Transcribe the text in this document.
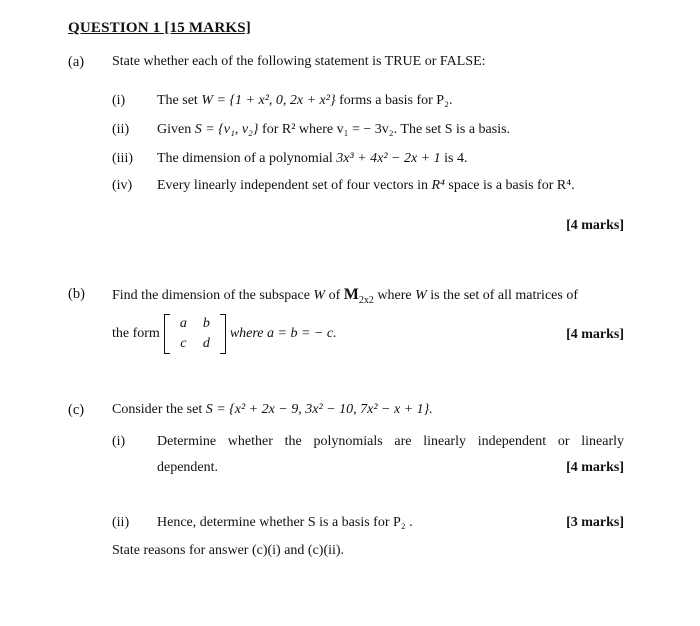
QUESTION 1 [15 MARKS]
(a) State whether each of the following statement is TRUE or FALSE:
(i) The set W = {1 + x², 0, 2x + x²} forms a basis for P₂.
(ii) Given S = {v₁, v₂} for R² where v₁ = − 3v₂. The set S is a basis.
(iii) The dimension of a polynomial 3x³ + 4x² − 2x + 1 is 4.
(iv) Every linearly independent set of four vectors in R⁴ space is a basis for R⁴.
[4 marks]
(b) Find the dimension of the subspace W of $M_{2x2}$ where W is the set of all matrices of
the form
a	b
c	d
where a = b = − c.	[4 marks]
(c) Consider the set S = {x² + 2x − 9, 3x² − 10, 7x² − x + 1}.
(i) Determine whether the polynomials are linearly independent or linearly
dependent.	[4 marks]
(ii) Hence, determine whether S is a basis for P₂ .	[3 marks]
State reasons for answer (c)(i) and (c)(ii).
